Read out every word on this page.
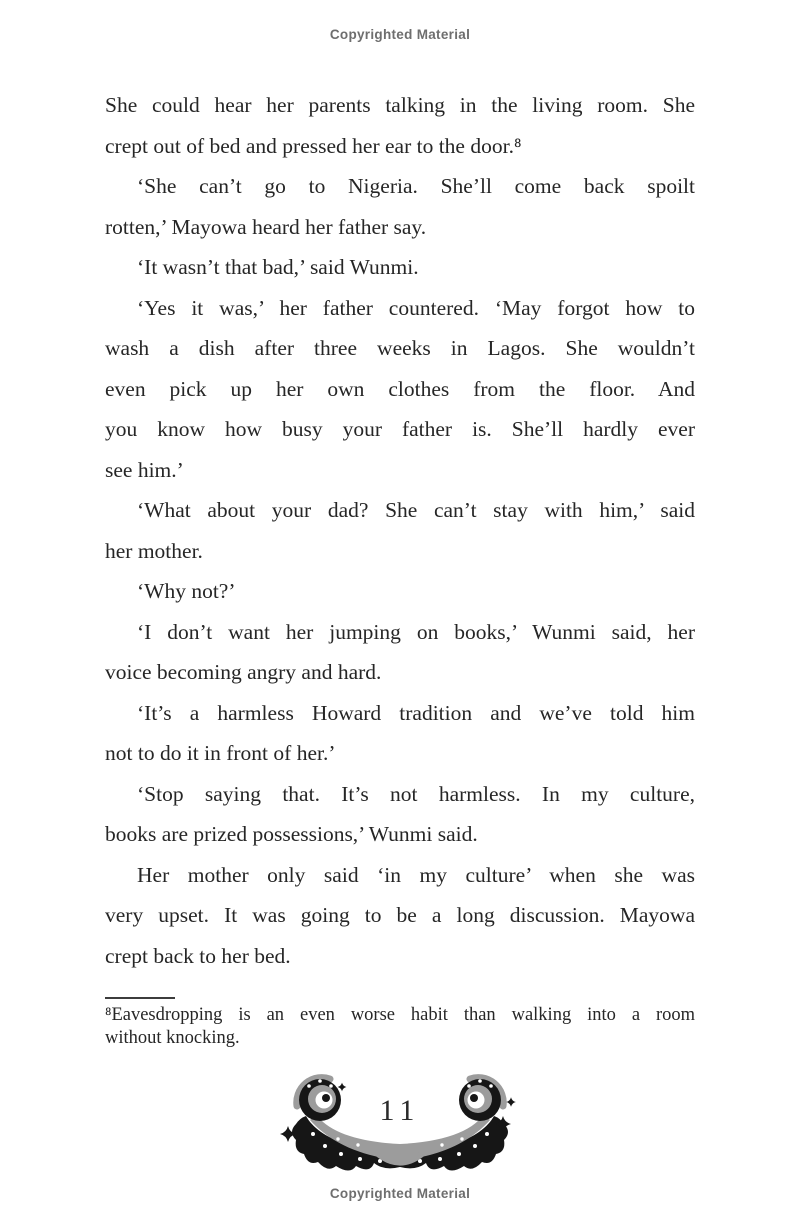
Copyrighted Material
She could hear her parents talking in the living room. She
crept out of bed and pressed her ear to the door.⁸
‘She can’t go to Nigeria. She’ll come back spoilt
rotten,’ Mayowa heard her father say.
‘It wasn’t that bad,’ said Wunmi.
‘Yes it was,’ her father countered. ‘May forgot how to
wash a dish after three weeks in Lagos. She wouldn’t
even pick up her own clothes from the floor. And
you know how busy your father is. She’ll hardly ever
see him.’
‘What about your dad? She can’t stay with him,’ said
her mother.
‘Why not?’
‘I don’t want her jumping on books,’ Wunmi said, her
voice becoming angry and hard.
‘It’s a harmless Howard tradition and we’ve told him
not to do it in front of her.’
‘Stop saying that. It’s not harmless. In my culture,
books are prized possessions,’ Wunmi said.
Her mother only said ‘in my culture’ when she was
very upset. It was going to be a long discussion. Mayowa
crept back to her bed.
⁸Eavesdropping is an even worse habit than walking into a room
without knocking.
11
Copyrighted Material
